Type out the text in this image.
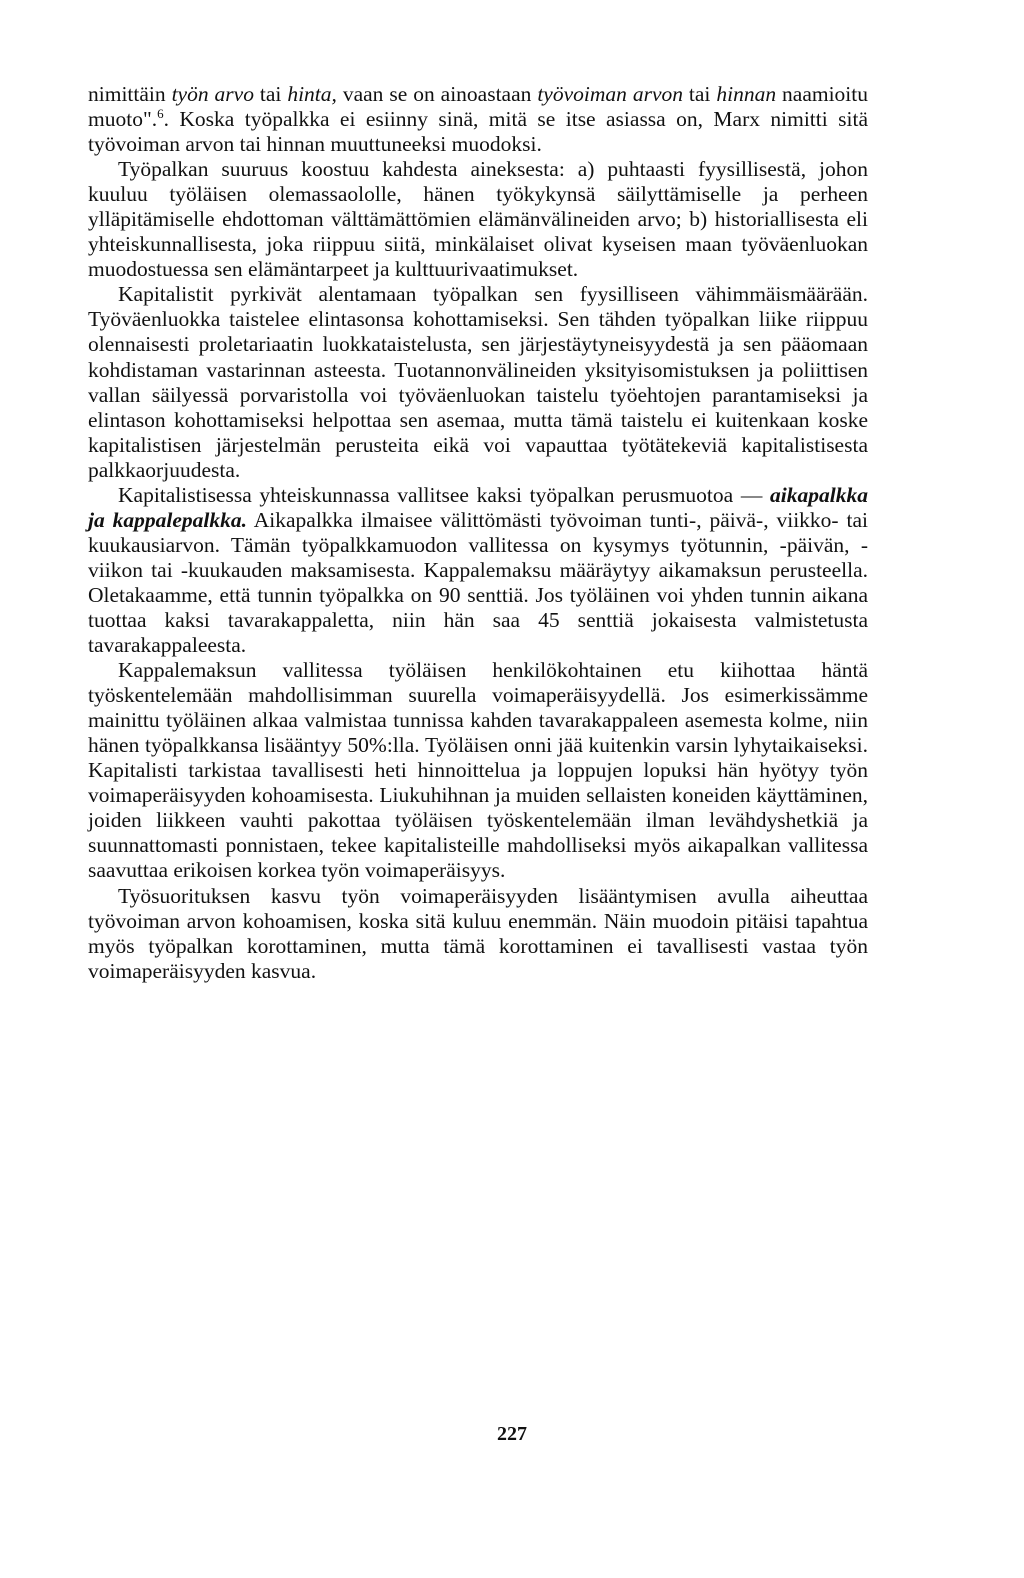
nimittäin työn arvo tai hinta, vaan se on ainoastaan työvoiman arvon tai hinnan naamioitu muoto".$^6$. Koska työpalkka ei esiinny sinä, mitä se itse asiassa on, Marx nimitti sitä työvoiman arvon tai hinnan muuttuneeksi muodoksi.

Työpalkan suuruus koostuu kahdesta aineksesta: a) puhtaasti fyysillisestä, johon kuuluu työläisen olemassaololle, hänen työkykynsä säilyttämiselle ja perheen ylläpitämiselle ehdottoman välttämättömien elämänvälineiden arvo; b) historiallisesta eli yhteiskunnallisesta, joka riippuu siitä, minkälaiset olivat kyseisen maan työväenluokan muodostuessa sen elämäntarpeet ja kulttuurivaatimukset.

Kapitalistit pyrkivät alentamaan työpalkan sen fyysilliseen vähimmäismäärään. Työväenluokka taistelee elintasonsa kohottamiseksi. Sen tähden työpalkan liike riippuu olennaisesti proletariaatin luokkataistelusta, sen järjestäytyneisyydestä ja sen pääomaan kohdistaman vastarinnan asteesta. Tuotannonvälineiden yksityisomistuksen ja poliittisen vallan säilyessä porvaristolla voi työväenluokan taistelu työehtojen parantamiseksi ja elintason kohottamiseksi helpottaa sen asemaa, mutta tämä taistelu ei kuitenkaan koske kapitalistisen järjestelmän perusteita eikä voi vapauttaa työtätekeviä kapitalistisesta palkkaorjuudesta.

Kapitalistisessa yhteiskunnassa vallitsee kaksi työpalkan perusmuotoa — aikapalkka ja kappalepalkka. Aikapalkka ilmaisee välittömästi työvoiman tunti-, päivä-, viikko- tai kuukausiarvon. Tämän työpalkkamuodon vallitessa on kysymys työtunnin, -päivän, -viikon tai -kuukauden maksamisesta. Kappalemaksu määräytyy aikamaksun perusteella. Oletakaamme, että tunnin työpalkka on 90 senttiä. Jos työläinen voi yhden tunnin aikana tuottaa kaksi tavarakappaletta, niin hän saa 45 senttiä jokaisesta valmistetusta tavarakappaleesta.

Kappalemaksun vallitessa työläisen henkilökohtainen etu kiihottaa häntä työskentelemään mahdollisimman suurella voimaperäisyydellä. Jos esimerkissämme mainittu työläinen alkaa valmistaa tunnissa kahden tavarakappaleen asemesta kolme, niin hänen työpalkkansa lisääntyy 50%:lla. Työläisen onni jää kuitenkin varsin lyhytaikaiseksi. Kapitalisti tarkistaa tavallisesti heti hinnoittelua ja loppujen lopuksi hän hyötyy työn voimaperäisyyden kohoamisesta. Liukuhihnan ja muiden sellaisten koneiden käyttäminen, joiden liikkeen vauhti pakottaa työläisen työskentelemään ilman levähdyshetkiä ja suunnattomasti ponnistaen, tekee kapitalisteille mahdolliseksi myös aikapalkan vallitessa saavuttaa erikoisen korkea työn voimaperäisyys.

Työsuorituksen kasvu työn voimaperäisyyden lisääntymisen avulla aiheuttaa työvoiman arvon kohoamisen, koska sitä kuluu enemmän. Näin muodoin pitäisi tapahtua myös työpalkan korottaminen, mutta tämä korottaminen ei tavallisesti vastaa työn voimaperäisyyden kasvua.

227
